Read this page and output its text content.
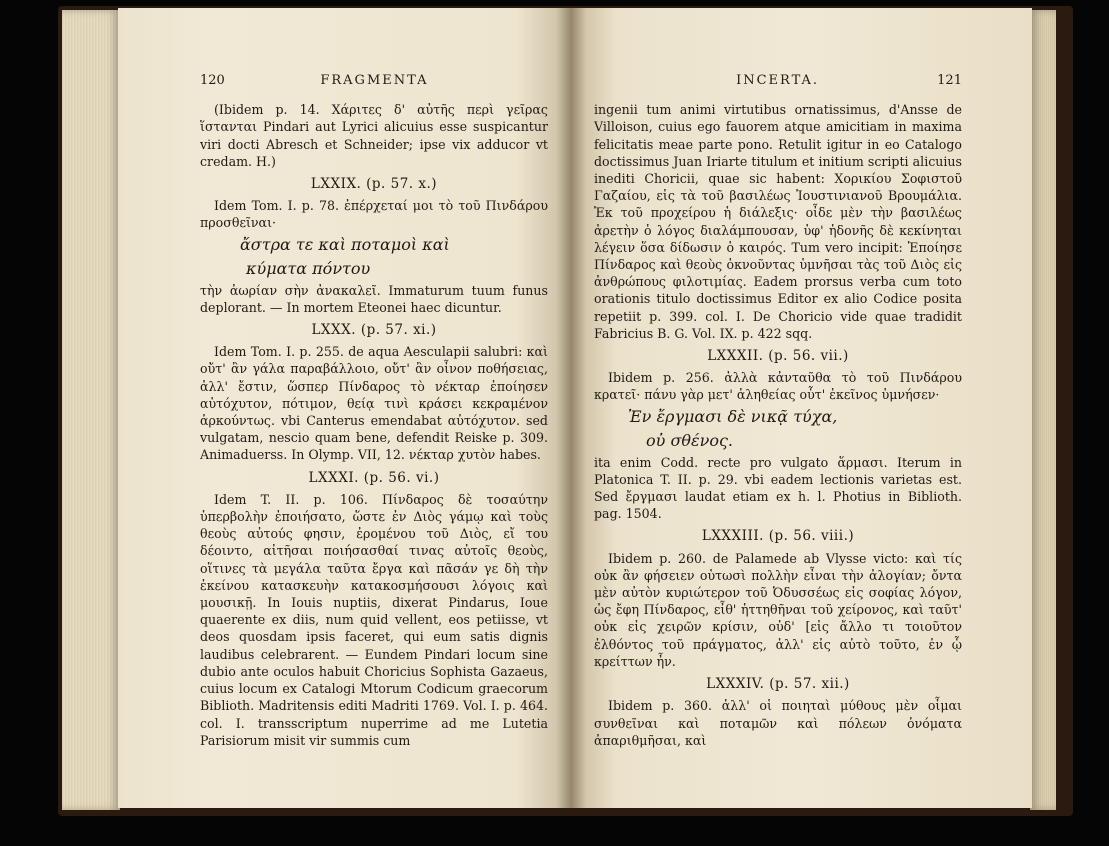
120	FRAGMENTA

(Ibidem p. 14. Χάριτες δ' αὐτῆς περὶ γεῖρας ἵστανται Pindari aut Lyrici alicuius esse suspicantur viri docti Abresch et Schneider; ipse vix adducor vt credam. H.)

LXXIX. (p. 57. x.)

Idem Tom. I. p. 78. ἐπέρχεταί μοι τὸ τοῦ Πινδάρου προσθεῖναι·

ἄστρα τε καὶ ποταμοὶ καὶ
κύματα πόντου

τὴν ἀωρίαν σὴν ἀνακαλεῖ. Immaturum tuum funus deplorant. — In mortem Eteonei haec dicuntur.

LXXX. (p. 57. xi.)

Idem Tom. I. p. 255. de aqua Aesculapii salubri: καὶ οὔτ' ἂν γάλα παραβάλλοιο, οὔτ' ἂν οἶνον ποθήσειας, ἀλλ' ἔστιν, ὥσπερ Πίνδαρος τὸ νέκταρ ἐποίησεν αὐτόχυτον, πότιμον, θείᾳ τινὶ κράσει κεκραμένον ἀρκούντως. vbi Canterus emendabat αὐτόχυτον. sed vulgatam, nescio quam bene, defendit Reiske p. 309. Animaduerss. In Olymp. VII, 12. νέκταρ χυτὸν habes.

LXXXI. (p. 56. vi.)

Idem T. II. p. 106. Πίνδαρος δὲ τοσαύτην ὑπερβολὴν ἐποιήσατο, ὥστε ἐν Διὸς γάμῳ καὶ τοὺς θεοὺς αὐτούς φησιν, ἐρομένου τοῦ Διὸς, εἴ του δέοιντο, αἰτῆσαι ποιήσασθαί τινας αὐτοῖς θεοὺς, οἵτινες τὰ μεγάλα ταῦτα ἔργα καὶ πᾶσάν γε δὴ τὴν ἐκείνου κατασκευὴν κατακοσμήσουσι λόγοις καὶ μουσικῇ. In Iouis nuptiis, dixerat Pindarus, Ioue quaerente ex diis, num quid vellent, eos petiisse, vt deos quosdam ipsis faceret, qui eum satis dignis laudibus celebrarent. — Eundem Pindari locum sine dubio ante oculos habuit Choricius Sophista Gazaeus, cuius locum ex Catalogi Mtorum Codicum graecorum Biblioth. Madritensis editi Madriti 1769. Vol. I. p. 464. col. I. transscriptum nuperrime ad me Lutetia Parisiorum misit vir summis cum

INCERTA.	121

ingenii tum animi virtutibus ornatissimus, d'Ansse de Villoison, cuius ego fauorem atque amicitiam in maxima felicitatis meae parte pono. Retulit igitur in eo Catalogo doctissimus Juan Iriarte titulum et initium scripti alicuius inediti Choricii, quae sic habent: Χορικίου Σοφιστοῦ Γαζαίου, εἰς τὰ τοῦ βασιλέως Ἰουστινιανοῦ Βρουμάλια. Ἐκ τοῦ προχείρου ἡ διάλεξις· οἶδε μὲν τὴν βασιλέως ἀρετὴν ὁ λόγος διαλάμπουσαν, ὑφ' ἡδονῆς δὲ κεκίνηται λέγειν ὅσα δίδωσιν ὁ καιρός. Tum vero incipit: Ἐποίησε Πίνδαρος καὶ θεοὺς ὀκνοῦντας ὑμνῆσαι τὰς τοῦ Διὸς εἰς ἀνθρώπους φιλοτιμίας. Eadem prorsus verba cum toto orationis titulo doctissimus Editor ex alio Codice posita repetiit p. 399. col. I. De Choricio vide quae tradidit Fabricius B. G. Vol. IX. p. 422 sqq.

LXXXII. (p. 56. vii.)

Ibidem p. 256. ἀλλὰ κἀνταῦθα τὸ τοῦ Πινδάρου κρατεῖ· πάνυ γὰρ μετ' ἀληθείας οὗτ' ἐκεῖνος ὑμνήσεν·

Ἐν ἔργμασι δὲ νικᾷ τύχα,
οὐ σθένος.

ita enim Codd. recte pro vulgato ἅρμασι. Iterum in Platonica T. II. p. 29. vbi eadem lectionis varietas est. Sed ἔργμασι laudat etiam ex h. l. Photius in Biblioth. pag. 1504.

LXXXIII. (p. 56. viii.)

Ibidem p. 260. de Palamede ab Vlysse victo: καὶ τίς οὐκ ἂν φήσειεν οὑτωσὶ πολλὴν εἶναι τὴν ἀλογίαν; ὄντα μὲν αὐτὸν κυριώτερον τοῦ Ὀδυσσέως εἰς σοφίας λόγον, ὡς ἔφη Πίνδαρος, εἶθ' ἡττηθῆναι τοῦ χείρονος, καὶ ταῦτ' οὐκ εἰς χειρῶν κρίσιν, οὐδ' [εἰς ἄλλο τι τοιοῦτον ἐλθόντος τοῦ πράγματος, ἀλλ' εἰς αὐτὸ τοῦτο, ἐν ᾧ κρείττων ἦν.

LXXXIV. (p. 57. xii.)

Ibidem p. 360. ἀλλ' οἱ ποιηταὶ μύθους μὲν οἶμαι συνθεῖναι καὶ ποταμῶν καὶ πόλεων ὀνόματα ἀπαριθμῆσαι, καὶ
